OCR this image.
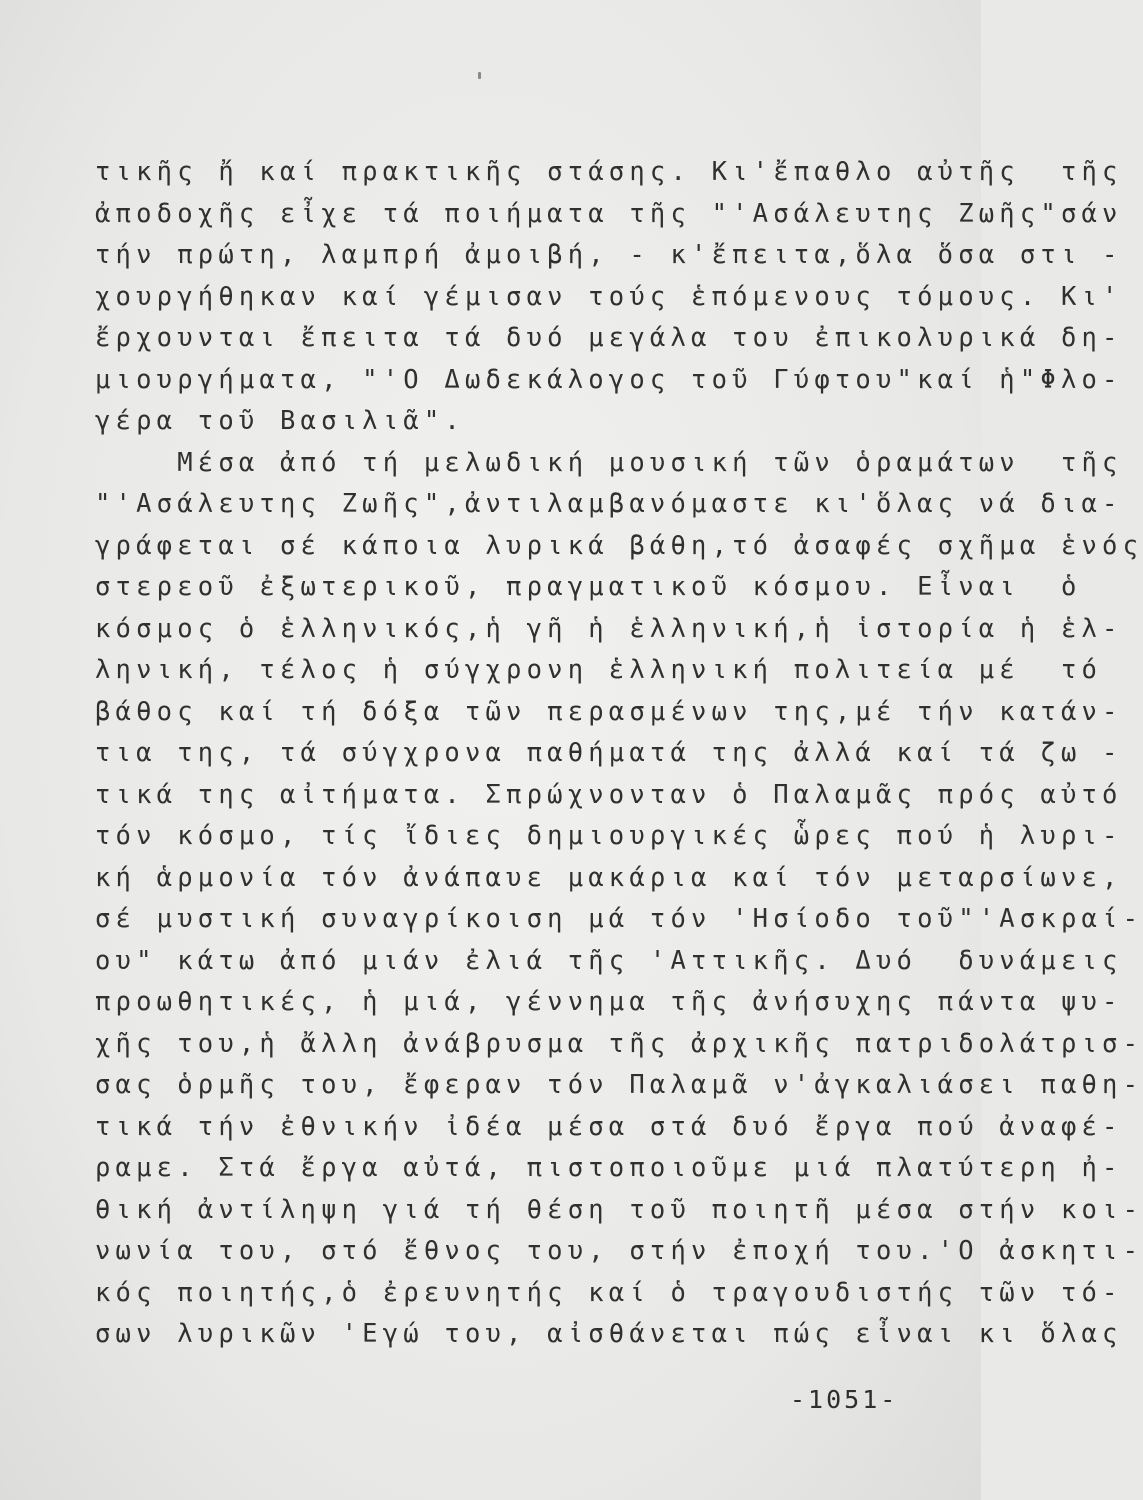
τικῆς ἤ καί πρακτικῆς στάσης. Κι'ἔπαθλο αὐτῆς  τῆς
ἀποδοχῆς εἶχε τά ποιήματα τῆς "'Ασάλευτης Ζωῆς"σάν
τήν πρώτη, λαμπρή ἀμοιβή, - κ'ἔπειτα,ὅλα ὅσα στι -
χουργήθηκαν καί γέμισαν τούς ἑπόμενους τόμους. Κι'
ἔρχουνται ἔπειτα τά δυό μεγάλα του ἐπικολυρικά δη-
μιουργήματα, "'Ο Δωδεκάλογος τοῦ Γύφτου"καί ἡ"Φλο-
γέρα τοῦ Βασιλιᾶ".
Μέσα ἀπό τή μελωδική μουσική τῶν ὁραμάτων  τῆς
"'Ασάλευτης Ζωῆς",ἀντιλαμβανόμαστε κι'ὅλας νά δια-
γράφεται σέ κάποια λυρικά βάθη,τό ἀσαφές σχῆμα ἑνός
στερεοῦ ἐξωτερικοῦ, πραγματικοῦ κόσμου. Εἶναι  ὁ
κόσμος ὁ ἑλληνικός,ἡ γῆ ἡ ἑλληνική,ἡ ἱστορία ἡ ἑλ-
ληνική, τέλος ἡ σύγχρονη ἑλληνική πολιτεία μέ  τό
βάθος καί τή δόξα τῶν περασμένων της,μέ τήν κατάν-
τια της, τά σύγχρονα παθήματά της ἀλλά καί τά ζω -
τικά της αἰτήματα. Σπρώχνονταν ὁ Παλαμᾶς πρός αὐτό
τόν κόσμο, τίς ἴδιες δημιουργικές ὧρες πού ἡ λυρι-
κή ἁρμονία τόν ἀνάπαυε μακάρια καί τόν μεταρσίωνε,
σέ μυστική συναγρίκοιση μά τόν 'Ησίοδο τοῦ"'Ασκραί-
ου" κάτω ἀπό μιάν ἐλιά τῆς 'Αττικῆς. Δυό  δυνάμεις
προωθητικές, ἡ μιά, γέννημα τῆς ἀνήσυχης πάντα ψυ-
χῆς του,ἡ ἄλλη ἀνάβρυσμα τῆς ἀρχικῆς πατριδολάτρισ-
σας ὁρμῆς του, ἔφεραν τόν Παλαμᾶ ν'ἀγκαλιάσει παθη-
τικά τήν ἐθνικήν ἰδέα μέσα στά δυό ἔργα πού ἀναφέ-
ραμε. Στά ἔργα αὐτά, πιστοποιοῦμε μιά πλατύτερη ἠ-
θική ἀντίληψη γιά τή θέση τοῦ ποιητῆ μέσα στήν κοι-
νωνία του, στό ἔθνος του, στήν ἐποχή του.'Ο ἀσκητι-
κός ποιητής,ὁ ἐρευνητής καί ὁ τραγουδιστής τῶν τό-
σων λυρικῶν 'Εγώ του, αἰσθάνεται πώς εἶναι κι ὅλας
-1051-
